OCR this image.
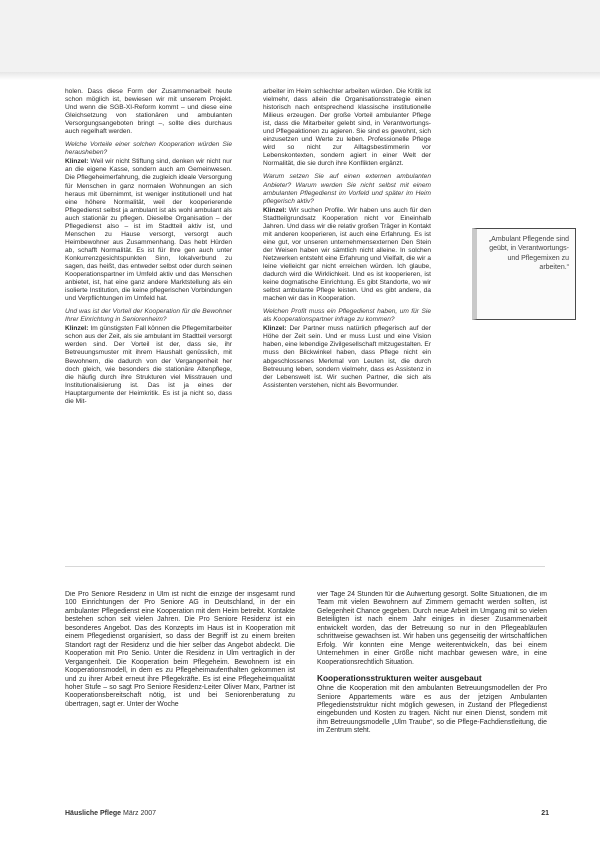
holen. Dass diese Form der Zusammenarbeit heute schon möglich ist, bewiesen wir mit unserem Projekt. Und wenn die SGB-XI-Reform kommt – und diese eine Gleichsetzung von stationären und ambulanten Versorgungsangeboten bringt –, sollte dies durchaus auch regelhaft werden.

Welche Vorteile einer solchen Kooperation würden Sie herausheben?

Klinzel: Weil wir nicht Stiftung sind, denken wir nicht nur an die eigene Kasse, sondern auch am Gemeinwesen. Die Pflegeheimerfahrung, die zugleich ideale Versorgung für Menschen in ganz normalen Wohnungen an sich heraus mit übernimmt, ist weniger institutionell und hat eine höhere Normalität, weil der kooperierende Pflegedienst selbst ja ambulant ist als wohl ambulant als auch stationär zu pflegen. Dieselbe Organisation – der Pflegedienst also – ist im Stadtteil aktiv ist, und Menschen zu Hause versorgt, versorgt auch Heimbewohner aus Zusammenhang. Das hebt Hürden ab, schafft Normalität. Es ist für Ihre gen auch unter Konkurrenzgesichtspunkten Sinn, lokalverbund zu sagen, das heißt, das entweder selbst oder durch seinen Kooperationspartner im Umfeld aktiv und das Menschen anbietet, ist, hat eine ganz andere Marktstellung als ein isolierte Institution, die keine pflegerischen Vorbindungen und Verpflichtungen im Umfeld hat.

Und was ist der Vorteil der Kooperation für die Bewohner Ihrer Einrichtung in Seniorenheim?

Klinzel: Im günstigsten Fall können die Pflegemitarbeiter schon aus der Zeit, als sie ambulant im Stadtteil versorgt werden sind. Der Vorteil ist der, dass sie, ihr Betreuungsmuster mit ihrem Haushalt genüsslich, mit Bewohnern, die dadurch von der Vergangenheit her doch gleich, wie besonders die stationäre Altenpflege, die häufig durch ihre Strukturen viel Misstrauen und Institutionalisierung ist. Das ist ja eines der Hauptargumente der Heimkritik. Es ist ja nicht so, dass die Mit-

arbeiter im Heim schlechter arbeiten würden. Die Kritik ist vielmehr, dass allein die Organisationsstrategie einen historisch nach entsprechend klassische institutionelle Milieus erzeugen. Der große Vorteil ambulanter Pflege ist, dass die Mitarbeiter gelebt sind, in Verantwortungs- und Pflegeaktionen zu agieren. Sie sind es gewohnt, sich einzusetzen und Werte zu leben. Professionelle Pflege wird so nicht zur Alltagsbestimmerin vor Lebenskontexten, sondern agiert in einer Welt der Normalität, die sie durch ihre Konflikten ergänzt.

Warum setzen Sie auf einen externen ambulanten Anbieter? Warum werden Sie nicht selbst mit einem ambulanten Pflegedienst im Vorfeld und später im Heim pflegerisch aktiv?

Klinzel: Wir suchen Profile. Wir haben uns auch für den Stadtteilgrundsatz Kooperation nicht vor Eineinhalb Jahren. Und dass wir die relativ großen Träger in Kontakt mit anderen kooperieren, ist auch eine Erfahrung. Es ist eine gut, vor unseren unternehmensexternen Den Stein der Weisen haben wir sämtlich nicht alleine. In solchen Netzwerken entsteht eine Erfahrung und Vielfalt, die wir a leine vielleicht gar nicht erreichen würden. Ich glaube, dadurch wird die Wirklichkeit. Und es ist kooperieren, ist keine dogmatische Einrichtung. Es gibt Standorte, wo wir selbst ambulante Pflege leisten. Und es gibt andere, da machen wir das in Kooperation.

Welchen Profit muss ein Pflegedienst haben, um für Sie als Kooperationspartner infrage zu kommen?

Klinzel: Der Partner muss natürlich pflegerisch auf der Höhe der Zeit sein. Und er muss Lust und eine Vision haben, eine lebendige Zivilgesellschaft mitzugestalten. Er muss den Blickwinkel haben, dass Pflege nicht ein abgeschlossenes Merkmal von Leuten ist, die durch Betreuung leben, sondern vielmehr, dass es Assistenz in der Lebenswelt ist. Wir suchen Partner, die sich als Assistenten verstehen, nicht als Bevormunder.

„Ambulant Pflegende sind geübt, in Verantwortungs- und Pflegemixen zu arbeiten.“

Die Pro Seniore Residenz in Ulm ist nicht die einzige der insgesamt rund 100 Einrichtungen der Pro Seniore AG in Deutschland, in der ein ambulanter Pflegedienst eine Kooperation mit dem Heim betreibt. Kontakte bestehen schon seit vielen Jahren. Die Pro Seniore Residenz ist ein besonderes Angebot. Das des Konzepts im Haus ist in Kooperation mit einem Pflegedienst organisiert, so dass der Begriff ist zu einem breiten Standort ragt der Residenz und die hier selber das Angebot abdeckt. Die Kooperation mit Pro Senio. Unter die Residenz in Ulm vertraglich in der Vergangenheit. Die Kooperation beim Pflegeheim. Bewohnern ist ein Kooperationsmodell, in dem es zu Pflegeheimaufenthalten gekommen ist und zu ihrer Arbeit erneut ihre Pflegekräfte. Es ist eine Pflegeheimqualität hoher Stufe – so sagt Pro Seniore Residenz-Leiter Oliver Marx, Partner ist Kooperationsbereitschaft nötig, ist und bei Seniorenberatung zu übertragen, sagt er. Unter der Woche

vier Tage 24 Stunden für die Aufwertung gesorgt. Sollte Situationen, die im Team mit vielen Bewohnern auf Zimmern gemacht werden sollten, ist Gelegenheit Chance gegeben. Durch neue Arbeit im Umgang mit so vielen Beteiligten ist nach einem Jahr einiges in dieser Zusammenarbeit entwickelt worden, das der Betreuung so nur in den Pflegeabläufen schrittweise gewachsen ist. Wir haben uns gegenseitig der wirtschaftlichen Erfolg. Wir konnten eine Menge weiterentwickeln, das bei einem Unternehmen in einer Größe nicht machbar gewesen wäre, in eine Kooperationsrechtlich Situation.

Kooperationsstrukturen weiter ausgebaut

Ohne die Kooperation mit den ambulanten Betreuungsmodellen der Pro Seniore Appartements wäre es aus der jetzigen Ambulanten Pflegedienststruktur nicht möglich gewesen, in Zustand der Pflegedienst eingebunden und Kosten zu tragen. Nicht nur einen Dienst, sondern mit ihm Betreuungsmodelle „Ulm Traube“, so die Pflege-Fachdienstleitung, die im Zentrum steht.

Häusliche Pflege März 2007	21
